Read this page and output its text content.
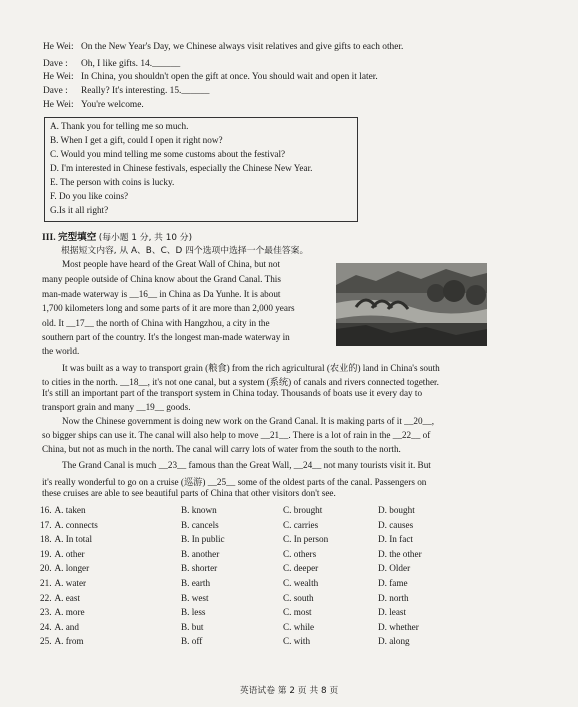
He Wei: On the New Year's Day, we Chinese always visit relatives and give gifts to each other.
Dave : Oh, I like gifts. 14.______
He Wei: In China, you shouldn't open the gift at once. You should wait and open it later.
Dave : Really? It's interesting. 15.______
He Wei: You're welcome.
A. Thank you for telling me so much.
B. When I get a gift, could I open it right now?
C. Would you mind telling me some customs about the festival?
D. I'm interested in Chinese festivals, especially the Chinese New Year.
E. The person with coins is lucky.
F. Do you like coins?
G.Is it all right?
III. 完型填空 (每小题 1 分, 共 10 分)
根据短文内容, 从 A、B、C、D 四个选项中选择一个最佳答案。
Most people have heard of the Great Wall of China, but not
many people outside of China know about the Grand Canal. This
man-made waterway is __16__ in China as Da Yunhe. It is about
1,700 kilometers long and some parts of it are more than 2,000 years
old. It __17__ the north of China with Hangzhou, a city in the
southern part of the country. It's the longest man-made waterway in
the world.
It was built as a way to transport grain (粮食) from the rich agricultural (农业的) land in China's south
to cities in the north. __18__, it's not one canal, but a system (系统) of canals and rivers connected together.
It's still an important part of the transport system in China today. Thousands of boats use it every day to
transport grain and many __19__ goods.
Now the Chinese government is doing new work on the Grand Canal. It is making parts of it __20__,
so bigger ships can use it. The canal will also help to move __21__. There is a lot of rain in the __22__ of
China, but not as much in the north. The canal will carry lots of water from the south to the north.
The Grand Canal is much __23__ famous than the Great Wall, __24__ not many tourists visit it. But
it's really wonderful to go on a cruise (巡游) __25__ some of the oldest parts of the canal. Passengers on
these cruises are able to see beautiful parts of China that other visitors don't see.
16. A. taken	B. known	C. brought	D. bought
17. A. connects	B. cancels	C. carries	D. causes
18. A. In total	B. In public	C. In person	D. In fact
19. A. other	B. another	C. others	D. the other
20. A. longer	B. shorter	C. deeper	D. Older
21. A. water	B. earth	C. wealth	D. fame
22. A. east	B. west	C. south	D. north
23. A. more	B. less	C. most	D. least
24. A. and	B. but	C. while	D. whether
25. A. from	B. off	C. with	D. along
英语试卷 第 2 页 共 8 页
